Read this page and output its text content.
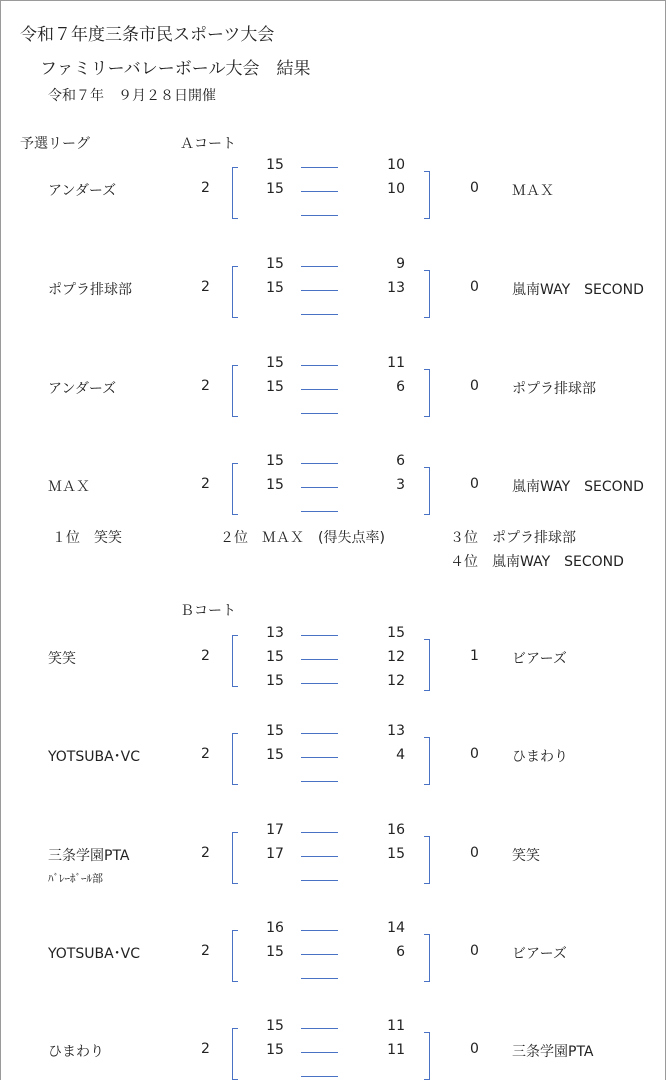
令和７年度三条市民スポーツ大会
ファミリーバレーボール大会　結果
令和７年　９月２８日開催
予選リーグ	Ａコート
アンダーズ	2	0 ＭＡＸ
15	10
15	10
ポプラ排球部	2	0 嵐南WAY　SECOND
15	9
15	13
アンダーズ	2	0 ポプラ排球部
15	11
15	6
ＭＡＸ	2	0 嵐南WAY　SECOND
15	6
15	3
１位　笑笑	２位　ＭＡＸ　(得失点率)	３位　ポプラ排球部
４位　嵐南WAY　SECOND
Ｂコート
笑笑	2	1 ビアーズ
13	15
15	12
15	12
YOTSUBA･VC	2	0 ひまわり
15	13
15	4
三条学園PTA
ﾊﾞﾚｰﾎﾞｰﾙ部
2	0 笑笑
17	16
17	15
YOTSUBA･VC	2	0 ビアーズ
16	14
15	6
ひまわり	2	0 三条学園PTA
15	11
15	11
